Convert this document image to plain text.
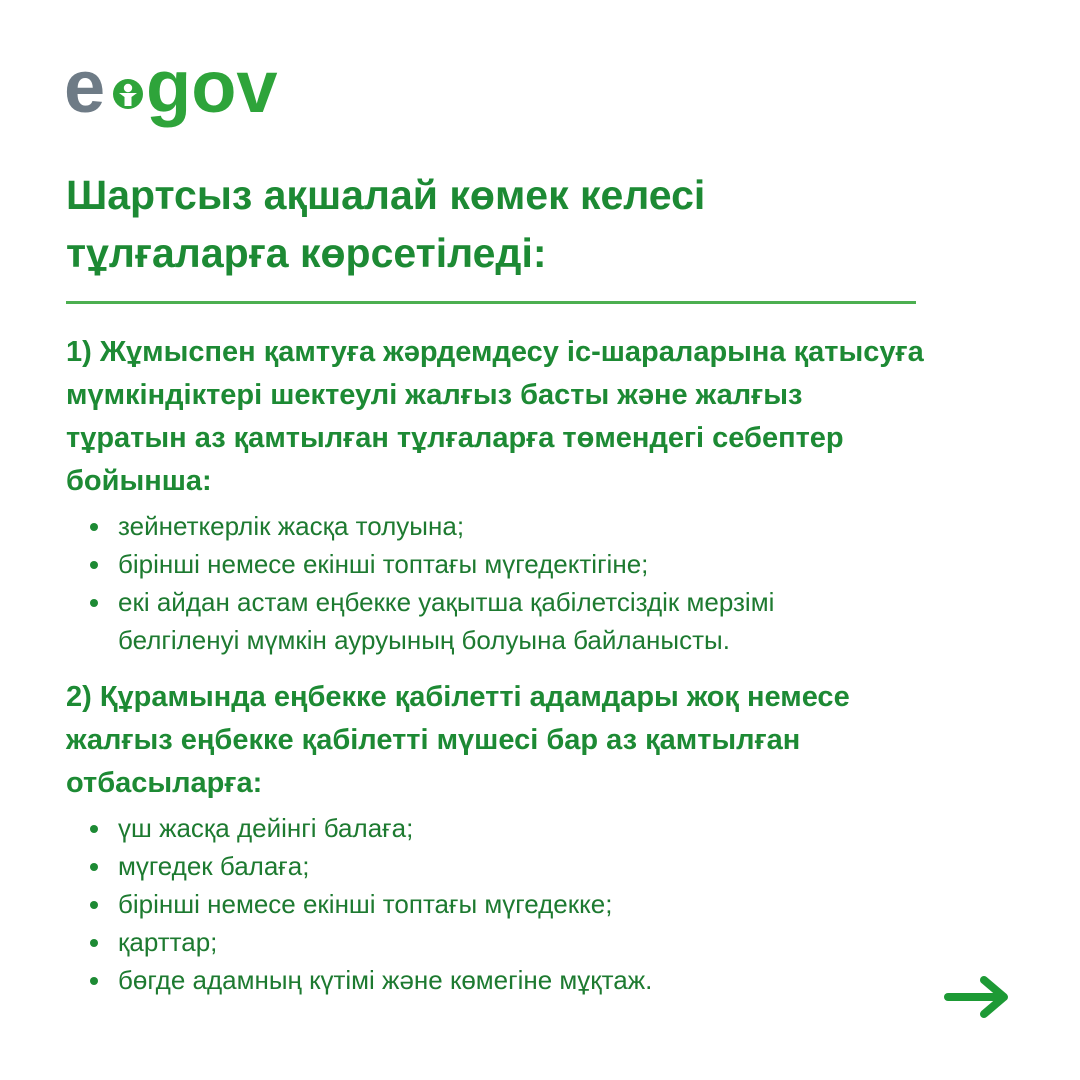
e gov
Шартсыз ақшалай көмек келесі
тұлғаларға көрсетіледі:

1) Жұмыспен қамтуға жәрдемдесу іс-шараларына қатысуға
мүмкіндіктері шектеулі жалғыз басты және жалғыз
тұратын аз қамтылған тұлғаларға төмендегі себептер
бойынша:

зейнеткерлік жасқа толуына;
бірінші немесе екінші топтағы мүгедектігіне;
екі айдан астам еңбекке уақытша қабілетсіздік мерзімі
белгіленуі мүмкін ауруының болуына байланысты.

2) Құрамында еңбекке қабілетті адамдары жоқ немесе
жалғыз еңбекке қабілетті мүшесі бар аз қамтылған
отбасыларға:

үш жасқа дейінгі балаға;
мүгедек балаға;
бірінші немесе екінші топтағы мүгедекке;
қарттар;
бөгде адамның күтімі және көмегіне мұқтаж.
